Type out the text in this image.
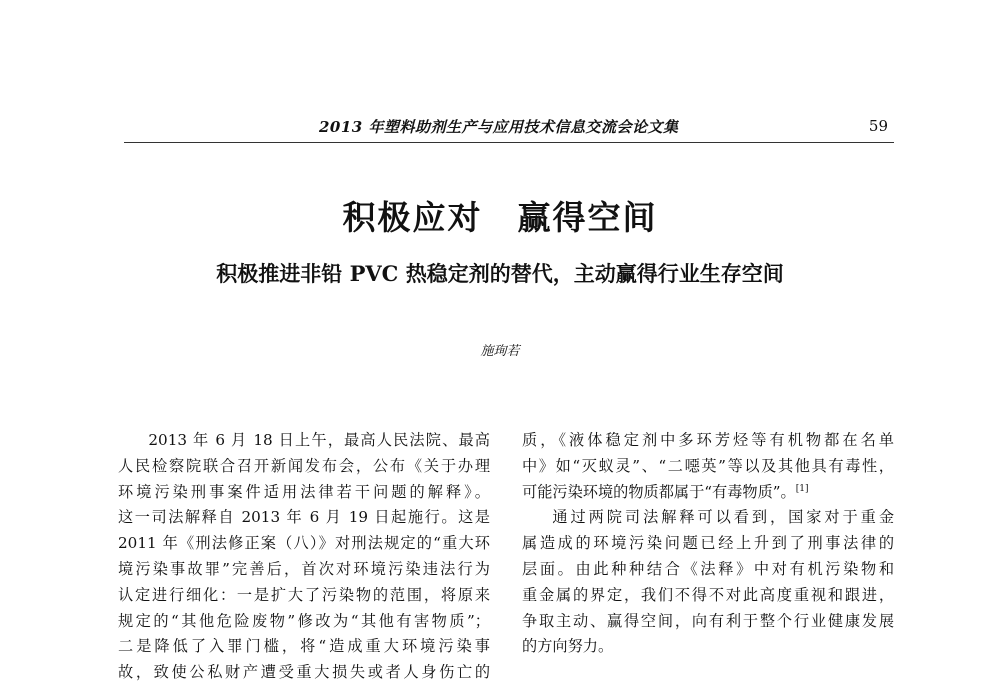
2013 年塑料助剂生产与应用技术信息交流会论文集	59
积极应对　赢得空间
积极推进非铅 PVC 热稳定剂的替代，主动赢得行业生存空间
施珣若
2013 年 6 月 18 日上午，最高人民法院、最高
人民检察院联合召开新闻发布会，公布《关于办理
环境污染刑事案件适用法律若干问题的解释》。
这一司法解释自 2013 年 6 月 19 日起施行。这是
2011 年《刑法修正案（八）》对刑法规定的“重大环
境污染事故罪”完善后，首次对环境污染违法行为
认定进行细化：一是扩大了污染物的范围，将原来
规定的“其他危险废物”修改为“其他有害物质”；
二是降低了入罪门槛，将“造成重大环境污染事
故，致使公私财产遭受重大损失或者人身伤亡的
质，《液体稳定剂中多环芳烃等有机物都在名单
中》如“灭蚁灵”、“二噁英”等以及其他具有毒性，
可能污染环境的物质都属于“有毒物质”。[1]
通过两院司法解释可以看到，国家对于重金
属造成的环境污染问题已经上升到了刑事法律的
层面。由此种种结合《法释》中对有机污染物和
重金属的界定，我们不得不对此高度重视和跟进，
争取主动、赢得空间，向有利于整个行业健康发展
的方向努力。
